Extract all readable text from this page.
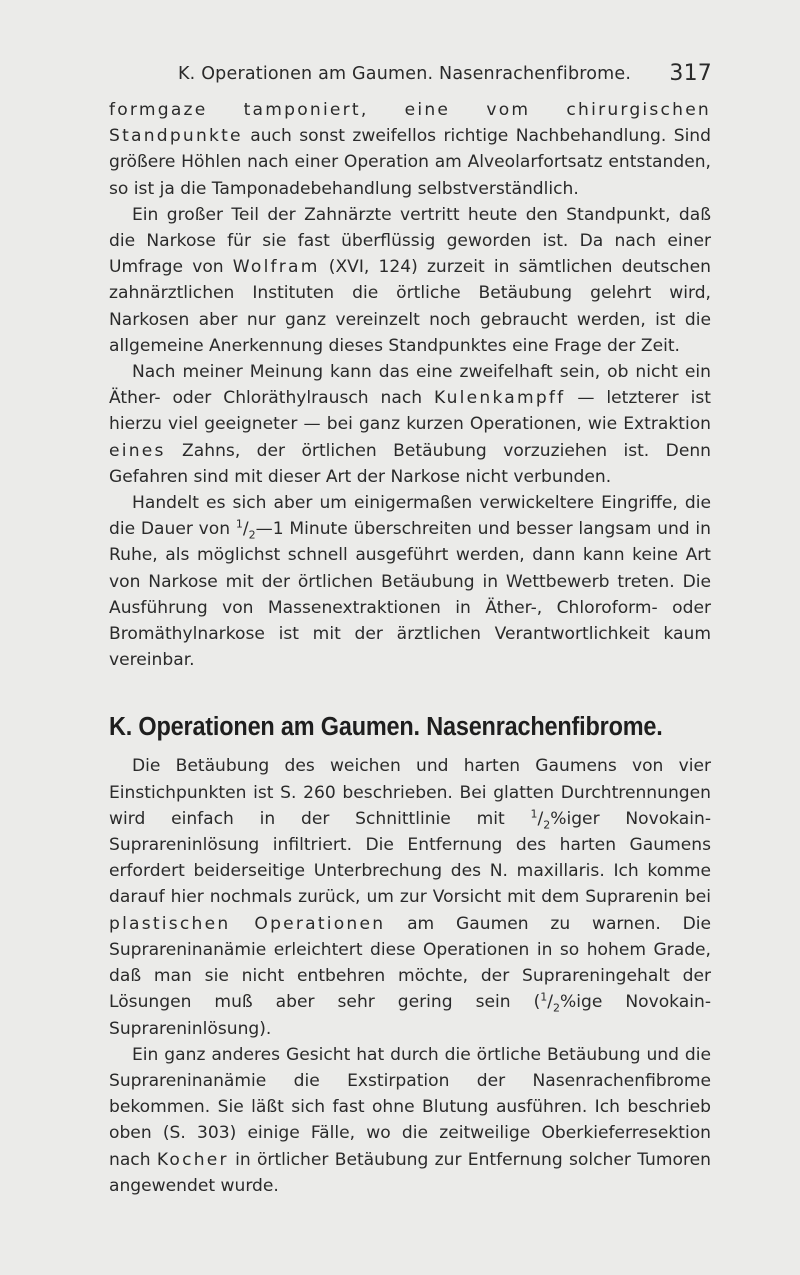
K. Operationen am Gaumen. Nasenrachenfibrome. 317

formgaze tamponiert, eine vom chirurgischen Standpunkte auch sonst zweifellos richtige Nachbehandlung. Sind größere Höhlen nach einer Operation am Alveolarfortsatz entstanden, so ist ja die Tamponadebehandlung selbstverständlich.

Ein großer Teil der Zahnärzte vertritt heute den Standpunkt, daß die Narkose für sie fast überflüssig geworden ist. Da nach einer Umfrage von Wolfram (XVI, 124) zurzeit in sämtlichen deutschen zahnärztlichen Instituten die örtliche Betäubung gelehrt wird, Narkosen aber nur ganz vereinzelt noch gebraucht werden, ist die allgemeine Anerkennung dieses Standpunktes eine Frage der Zeit.

Nach meiner Meinung kann das eine zweifelhaft sein, ob nicht ein Äther- oder Chloräthylrausch nach Kulenkampff — letzterer ist hierzu viel geeigneter — bei ganz kurzen Operationen, wie Extraktion eines Zahns, der örtlichen Betäubung vorzuziehen ist. Denn Gefahren sind mit dieser Art der Narkose nicht verbunden.

Handelt es sich aber um einigermaßen verwickeltere Eingriffe, die die Dauer von $^1/_2—1$ Minute überschreiten und besser langsam und in Ruhe, als möglichst schnell ausgeführt werden, dann kann keine Art von Narkose mit der örtlichen Betäubung in Wettbewerb treten. Die Ausführung von Massenextraktionen in Äther-, Chloroform- oder Bromäthylnarkose ist mit der ärztlichen Verantwortlichkeit kaum vereinbar.

K. Operationen am Gaumen. Nasenrachenfibrome.

Die Betäubung des weichen und harten Gaumens von vier Einstichpunkten ist S. 260 beschrieben. Bei glatten Durchtrennungen wird einfach in der Schnittlinie mit $^1/_2\%iger$ Novokain-Suprareninlösung infiltriert. Die Entfernung des harten Gaumens erfordert beiderseitige Unterbrechung des N. maxillaris. Ich komme darauf hier nochmals zurück, um zur Vorsicht mit dem Suprarenin bei plastischen Operationen am Gaumen zu warnen. Die Suprareninanämie erleichtert diese Operationen in so hohem Grade, daß man sie nicht entbehren möchte, der Suprareningehalt der Lösungen muß aber sehr gering sein ($^1/_2\%ige$ Novokain-Suprareninlösung).

Ein ganz anderes Gesicht hat durch die örtliche Betäubung und die Suprareninanämie die Exstirpation der Nasenrachenfibrome bekommen. Sie läßt sich fast ohne Blutung ausführen. Ich beschrieb oben (S. 303) einige Fälle, wo die zeitweilige Oberkieferresektion nach Kocher in örtlicher Betäubung zur Entfernung solcher Tumoren angewendet wurde.
